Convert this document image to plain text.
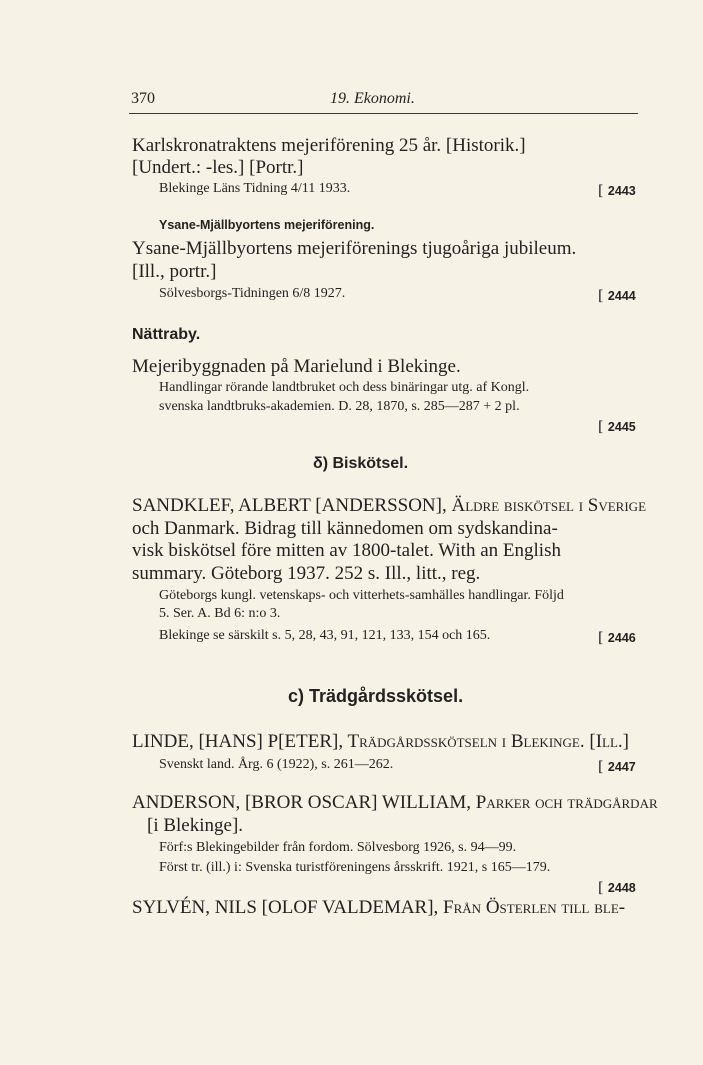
370	19. Ekonomi.
Karlskronatraktens mejeriförening 25 år. [Historik.]
[Undert.: -les.] [Portr.]
Blekinge Läns Tidning 4/11 1933.	[ 2443
Ysane-Mjällbyortens mejeriförening.
Ysane-Mjällbyortens mejeriförenings tjugoåriga jubileum.
[Ill., portr.]
Sölvesborgs-Tidningen 6/8 1927.	[ 2444
Nättraby.
Mejeribyggnaden på Marielund i Blekinge.
Handlingar rörande landtbruket och dess binäringar utg. af Kongl.
svenska landtbruks-akademien. D. 28, 1870, s. 285—287 + 2 pl.
[ 2445
δ) Biskötsel.
SANDKLEF, ALBERT [ANDERSSON], Äldre biskötsel i Sverige
och Danmark. Bidrag till kännedomen om sydskandina-
visk biskötsel före mitten av 1800-talet. With an English
summary. Göteborg 1937. 252 s. Ill., litt., reg.
Göteborgs kungl. vetenskaps- och vitterhets-samhälles handlingar. Följd
5. Ser. A. Bd 6: n:o 3.
Blekinge se särskilt s. 5, 28, 43, 91, 121, 133, 154 och 165.	[ 2446
c) Trädgårdsskötsel.
LINDE, [HANS] P[ETER], Trädgårdsskötseln i Blekinge. [Ill.]
Svenskt land. Årg. 6 (1922), s. 261—262.	[ 2447
ANDERSON, [BROR OSCAR] WILLIAM, Parker och trädgårdar
[i Blekinge].
Förf:s Blekingebilder från fordom. Sölvesborg 1926, s. 94—99.
Först tr. (ill.) i: Svenska turistföreningens årsskrift. 1921, s 165—179.
[ 2448
SYLVÉN, NILS [OLOF VALDEMAR], Från Österlen till ble-
